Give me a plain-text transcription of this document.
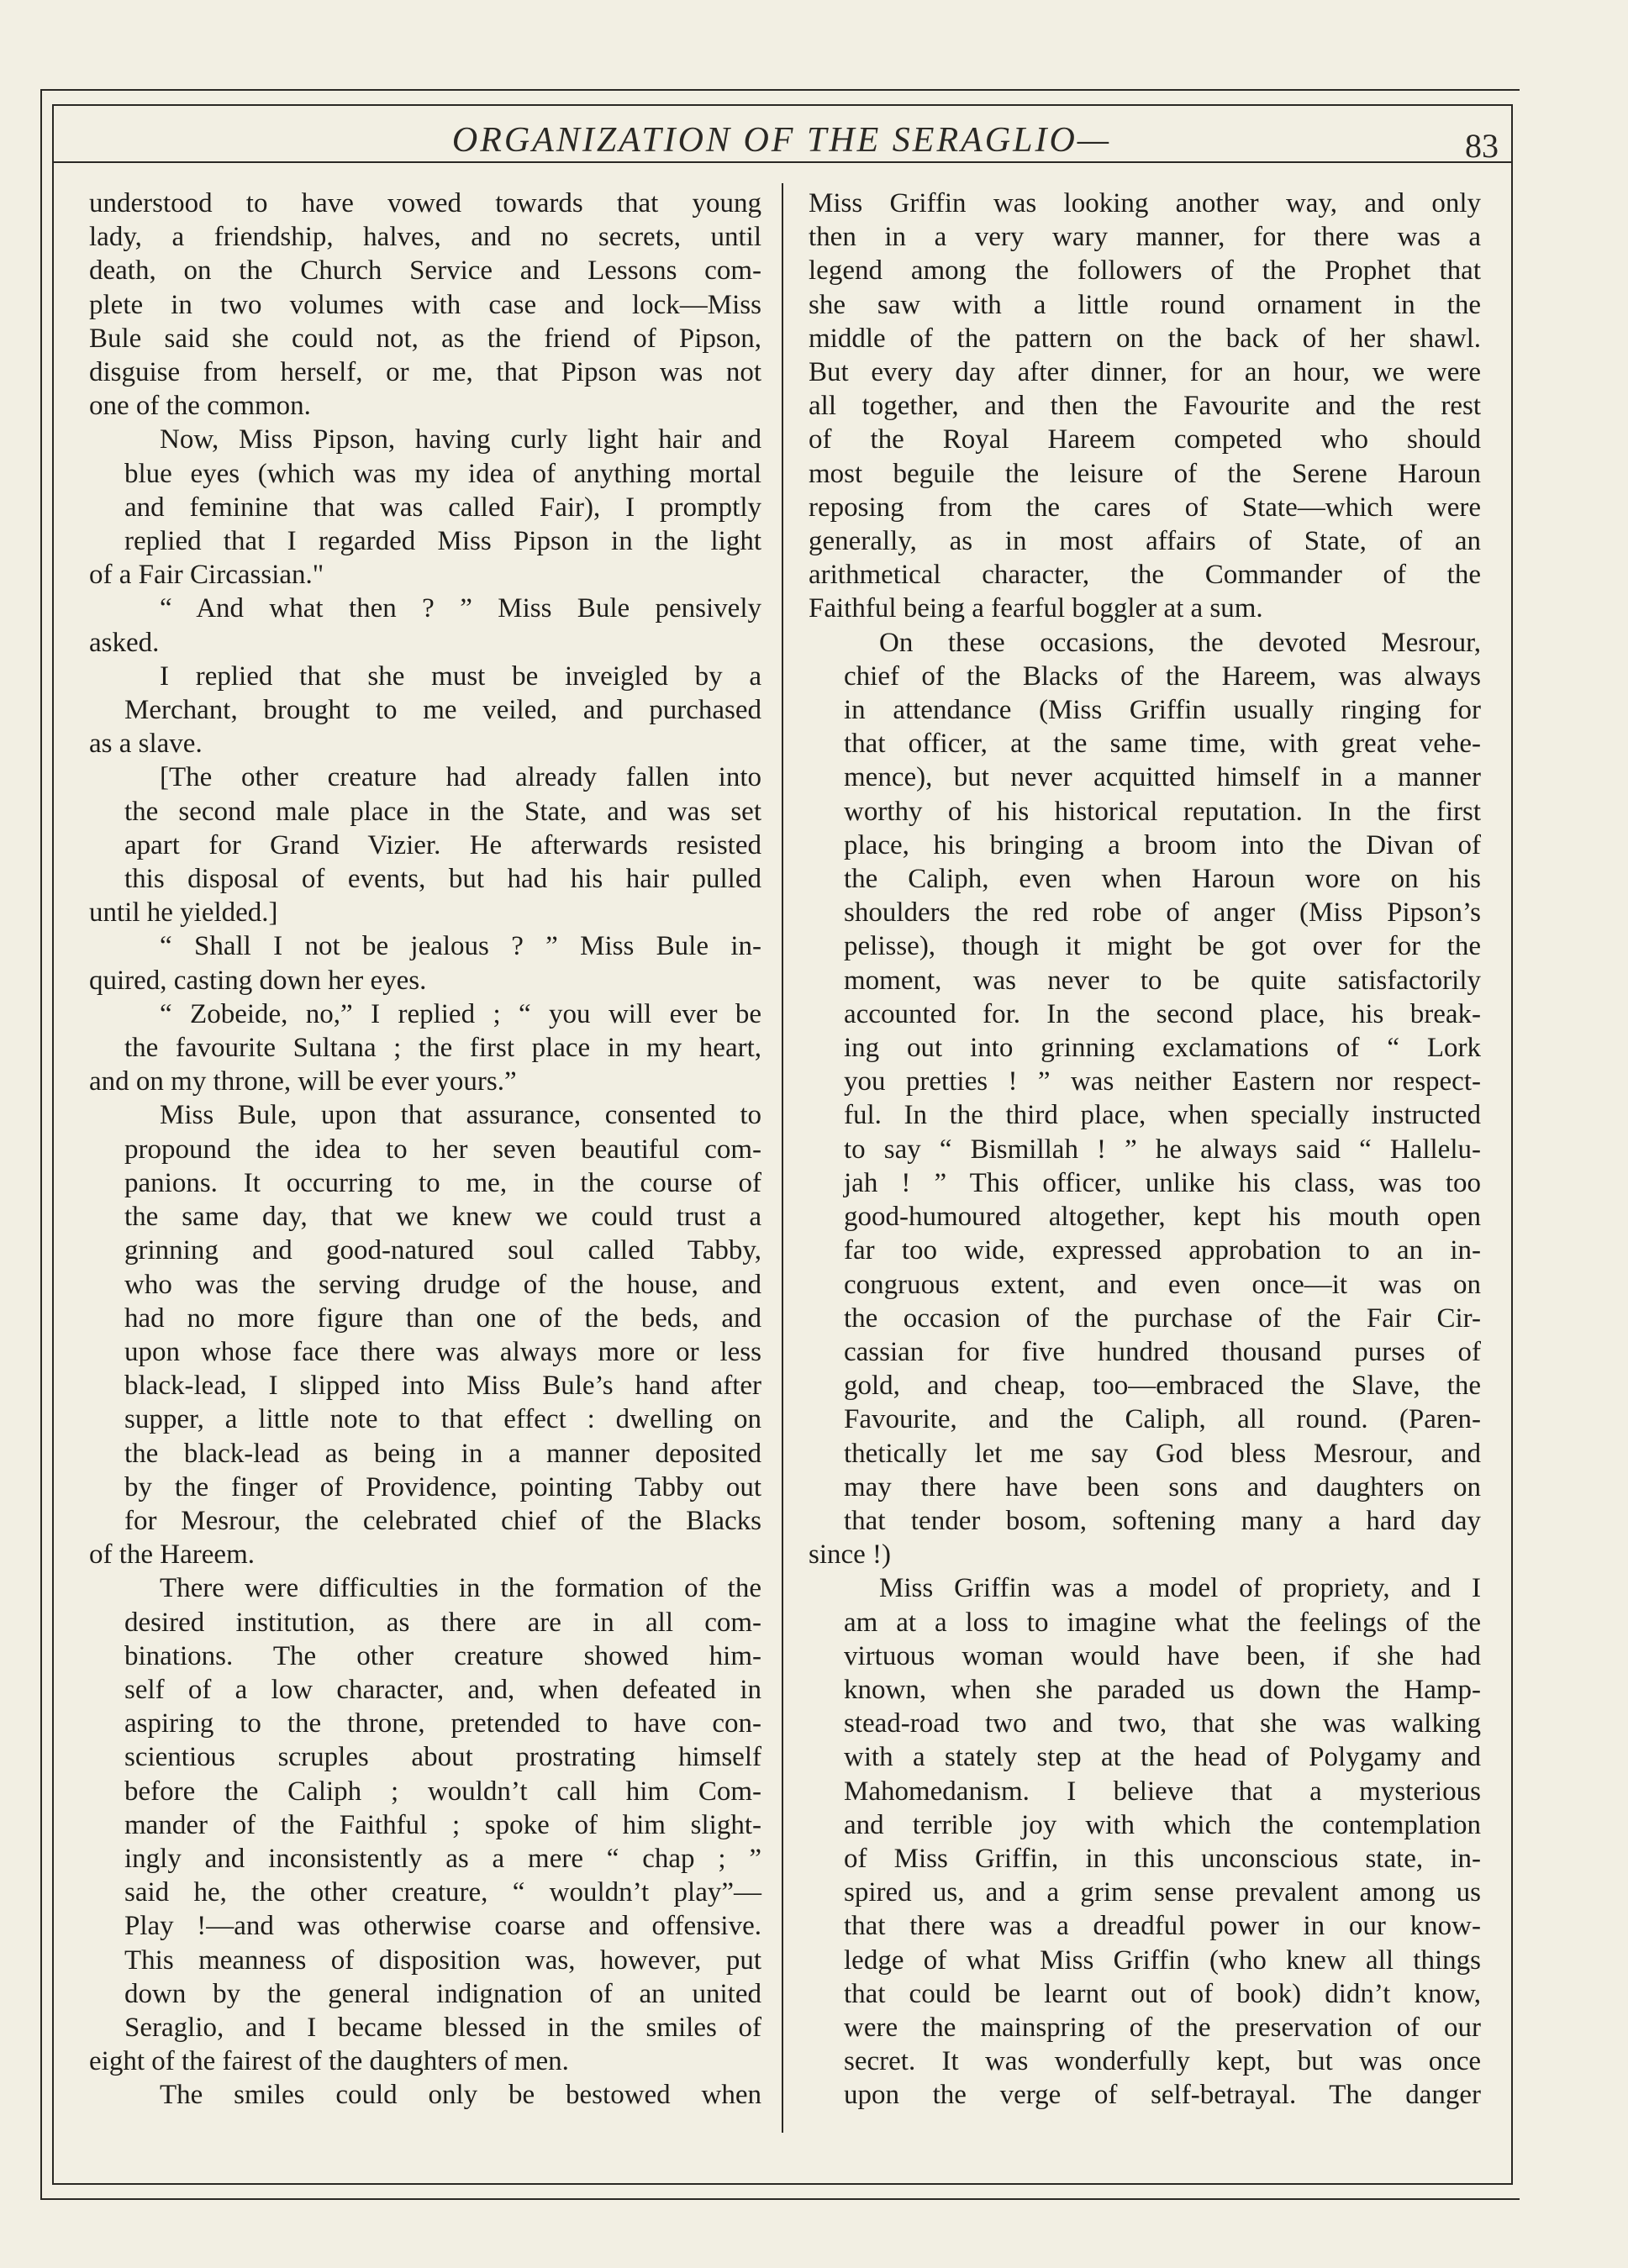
ORGANIZATION OF THE SERAGLIO—	83

understood to have vowed towards that young
lady, a friendship, halves, and no secrets, until
death, on the Church Service and Lessons com-
plete in two volumes with case and lock—Miss
Bule said she could not, as the friend of Pipson,
disguise from herself, or me, that Pipson was not
one of the common.

Now, Miss Pipson, having curly light hair and
blue eyes (which was my idea of anything mortal
and feminine that was called Fair), I promptly
replied that I regarded Miss Pipson in the light
of a Fair Circassian."

“ And what then ? ” Miss Bule pensively
asked.

I replied that she must be inveigled by a
Merchant, brought to me veiled, and purchased
as a slave.

[The other creature had already fallen into
the second male place in the State, and was set
apart for Grand Vizier. He afterwards resisted
this disposal of events, but had his hair pulled
until he yielded.]

“ Shall I not be jealous ? ” Miss Bule in-
quired, casting down her eyes.

“ Zobeide, no,” I replied ; “ you will ever be
the favourite Sultana ; the first place in my heart,
and on my throne, will be ever yours.”

Miss Bule, upon that assurance, consented to
propound the idea to her seven beautiful com-
panions. It occurring to me, in the course of
the same day, that we knew we could trust a
grinning and good-natured soul called Tabby,
who was the serving drudge of the house, and
had no more figure than one of the beds, and
upon whose face there was always more or less
black-lead, I slipped into Miss Bule’s hand after
supper, a little note to that effect : dwelling on
the black-lead as being in a manner deposited
by the finger of Providence, pointing Tabby out
for Mesrour, the celebrated chief of the Blacks
of the Hareem.

There were difficulties in the formation of the
desired institution, as there are in all com-
binations. The other creature showed him-
self of a low character, and, when defeated in
aspiring to the throne, pretended to have con-
scientious scruples about prostrating himself
before the Caliph ; wouldn’t call him Com-
mander of the Faithful ; spoke of him slight-
ingly and inconsistently as a mere “ chap ; ”
said he, the other creature, “ wouldn’t play”—
Play !—and was otherwise coarse and offensive.
This meanness of disposition was, however, put
down by the general indignation of an united
Seraglio, and I became blessed in the smiles of
eight of the fairest of the daughters of men.

The smiles could only be bestowed when

Miss Griffin was looking another way, and only
then in a very wary manner, for there was a
legend among the followers of the Prophet that
she saw with a little round ornament in the
middle of the pattern on the back of her shawl.
But every day after dinner, for an hour, we were
all together, and then the Favourite and the rest
of the Royal Hareem competed who should
most beguile the leisure of the Serene Haroun
reposing from the cares of State—which were
generally, as in most affairs of State, of an
arithmetical character, the Commander of the
Faithful being a fearful boggler at a sum.

On these occasions, the devoted Mesrour,
chief of the Blacks of the Hareem, was always
in attendance (Miss Griffin usually ringing for
that officer, at the same time, with great vehe-
mence), but never acquitted himself in a manner
worthy of his historical reputation. In the first
place, his bringing a broom into the Divan of
the Caliph, even when Haroun wore on his
shoulders the red robe of anger (Miss Pipson’s
pelisse), though it might be got over for the
moment, was never to be quite satisfactorily
accounted for. In the second place, his break-
ing out into grinning exclamations of “ Lork
you pretties ! ” was neither Eastern nor respect-
ful. In the third place, when specially instructed
to say “ Bismillah ! ” he always said “ Hallelu-
jah ! ” This officer, unlike his class, was too
good-humoured altogether, kept his mouth open
far too wide, expressed approbation to an in-
congruous extent, and even once—it was on
the occasion of the purchase of the Fair Cir-
cassian for five hundred thousand purses of
gold, and cheap, too—embraced the Slave, the
Favourite, and the Caliph, all round. (Paren-
thetically let me say God bless Mesrour, and
may there have been sons and daughters on
that tender bosom, softening many a hard day
since !)

Miss Griffin was a model of propriety, and I
am at a loss to imagine what the feelings of the
virtuous woman would have been, if she had
known, when she paraded us down the Hamp-
stead-road two and two, that she was walking
with a stately step at the head of Polygamy and
Mahomedanism. I believe that a mysterious
and terrible joy with which the contemplation
of Miss Griffin, in this unconscious state, in-
spired us, and a grim sense prevalent among us
that there was a dreadful power in our know-
ledge of what Miss Griffin (who knew all things
that could be learnt out of book) didn’t know,
were the mainspring of the preservation of our
secret. It was wonderfully kept, but was once
upon the verge of self-betrayal. The danger
